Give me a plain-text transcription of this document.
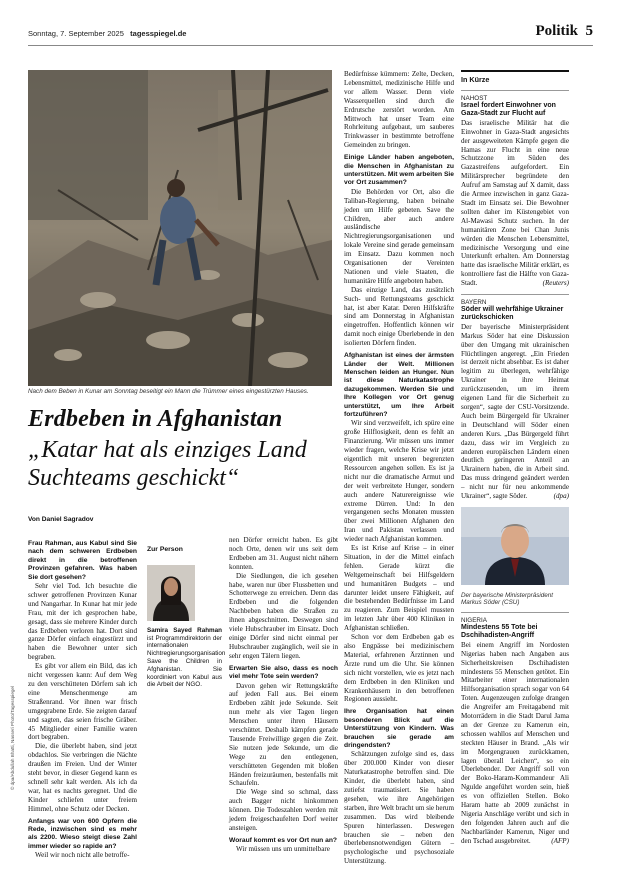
Sonntag, 7. September 2025 tagesspiegel.de	Politik 5
Nach dem Beben in Kunar am Sonntag beseitigt ein Mann die Trümmer eines eingestürzten Hauses.
Erdbeben in Afghanistan
„Katar hat als einziges Land Suchteams geschickt“
Von Daniel Sagradov

Frau Rahman, aus Kabul sind Sie nach dem schweren Erdbeben direkt in die betroffenen Provinzen gefahren. Was haben Sie dort gesehen?

Sehr viel Tod. Ich besuchte die schwer getroffenen Provinzen Kunar und Nangarhar. In Kunar hat mir jede Frau, mit der ich gesprochen habe, gesagt, dass sie mehrere Kinder durch das Erdbeben verloren hat. Dort sind ganze Dörfer einfach eingestürzt und haben die Bewohner unter sich begraben.

Es gibt vor allem ein Bild, das ich nicht vergessen kann: Auf dem Weg zu den verschütteten Dörfern sah ich eine Menschenmenge am Straßenrand. Vor ihnen war frisch umgegrabene Erde. Sie zeigten darauf und sagten, das seien frische Gräber. 45 Mitglieder einer Familie waren dort begraben.

Die, die überlebt haben, sind jetzt obdachlos. Sie verbringen die Nächte draußen im Freien. Und der Winter steht bevor, in dieser Gegend kann es schnell sehr kalt werden. Als ich da war, hat es nachts geregnet. Und die Kinder schliefen unter freiem Himmel, ohne Schutz oder Decken.

Anfangs war von 600 Opfern die Rede, inzwischen sind es mehr als 2200. Wieso steigt diese Zahl immer wieder so rapide an?

Weil wir noch nicht alle betroffe-

Zur Person
Samira Sayed Rahman ist Programmdirektorin der internationalen Nichtregierungsorganisation Save the Children in Afghanistan. Sie koordiniert von Kabul aus die Arbeit der NGO.

nen Dörfer erreicht haben. Es gibt noch Orte, denen wir uns seit dem Erdbeben am 31. August nicht nähern konnten.

Die Siedlungen, die ich gesehen habe, waren nur über Flussbetten und Schotterwege zu erreichen. Denn das Erdbeben und die folgenden Nachbeben haben die Straßen zu ihnen abgeschnitten. Deswegen sind viele Hubschrauber im Einsatz. Doch einige Dörfer sind nicht einmal per Hubschrauber zugänglich, weil sie in sehr engen Tälern liegen.

Erwarten Sie also, dass es noch viel mehr Tote sein werden?

Davon gehen wir Rettungskräfte auf jeden Fall aus. Bei einem Erdbeben zählt jede Sekunde. Seit nun mehr als vier Tagen liegen Menschen unter ihren Häusern verschüttet. Deshalb kämpfen gerade Tausende Freiwillige gegen die Zeit. Sie nutzen jede Sekunde, um die Wege zu den entlegenen, verschütteten Gegenden mit bloßen Händen freizuräumen, bestenfalls mit Schaufeln.

Die Wege sind so schmal, dass auch Bagger nicht hinkommen können. Die Todeszahlen werden mit jedem freigeschaufelten Dorf weiter ansteigen.

Worauf kommt es vor Ort nun an?

Wir müssen uns um unmittelbare

Bedürfnisse kümmern: Zelte, Decken, Lebensmittel, medizinische Hilfe und vor allem Wasser. Denn viele Wasserquellen sind durch die Erdrutsche zerstört worden. Am Mittwoch hat unser Team eine Rohrleitung aufgebaut, um sauberes Trinkwasser in bestimmte betroffene Gemeinden zu bringen.

Einige Länder haben angeboten, die Menschen in Afghanistan zu unterstützen. Mit wem arbeiten Sie vor Ort zusammen?

Die Behörden vor Ort, also die Taliban-Regierung, haben beinahe jeden um Hilfe gebeten. Save the Children, aber auch andere ausländische Nichtregierungsorganisationen und lokale Vereine sind gerade gemeinsam im Einsatz. Dazu kommen noch Organisationen der Vereinten Nationen und viele Staaten, die humanitäre Hilfe angeboten haben.

Das einzige Land, das zusätzlich Such- und Rettungsteams geschickt hat, ist aber Katar. Deren Hilfskräfte sind am Donnerstag in Afghanistan eingetroffen. Hoffentlich können wir damit noch einige Überlebende in den isolierten Dörfern finden.

Afghanistan ist eines der ärmsten Länder der Welt. Millionen Menschen leiden an Hunger. Nun ist diese Naturkatastrophe dazugekommen. Werden Sie und Ihre Kollegen vor Ort genug unterstützt, um Ihre Arbeit fortzuführen?

Wir sind verzweifelt, ich spüre eine große Hilflosigkeit, denn es fehlt an Finanzierung. Wir müssen uns immer wieder fragen, welche Krise wir jetzt eigentlich mit unseren begrenzten Ressourcen angehen sollen. Es ist ja nicht nur die dramatische Armut und der weit verbreitete Hunger, sondern auch andere Naturereignisse wie extreme Dürren. Und: In den vergangenen sechs Monaten mussten über zwei Millionen Afghanen den Iran und Pakistan verlassen und wieder nach Afghanistan kommen.

Es ist Krise auf Krise – in einer Situation, in der die Mittel einfach fehlen. Gerade kürzt die Weltgemeinschaft bei Hilfsgeldern und humanitären Budgets – und darunter leidet unsere Fähigkeit, auf die bestehenden Bedürfnisse im Land zu reagieren. Zum Beispiel mussten im letzten Jahr über 400 Kliniken in Afghanistan schließen.

Schon vor dem Erdbeben gab es also Engpässe bei medizinischem Material, erfahrenen Ärztinnen und Ärzte rund um die Uhr. Sie können sich nicht vorstellen, wie es jetzt nach dem Erdbeben in den Kliniken und Krankenhäusern in den betroffenen Regionen aussieht.

Ihre Organisation hat einen besonderen Blick auf die Unterstützung von Kindern. Was brauchen sie gerade am dringendsten?

Schätzungen zufolge sind es, dass über 200.000 Kinder von dieser Naturkatastrophe betroffen sind. Die Kinder, die überlebt haben, sind zutiefst traumatisiert. Sie haben gesehen, wie ihre Angehörigen starben, ihre Welt bracht um sie herum zusammen. Das wird bleibende Spuren hinterlassen. Deswegen brauchen sie – neben den überlebensnotwendigen Gütern – psychologische und psychosoziale Unterstützung.

In Kürze
NAHOST
Israel fordert Einwohner von Gaza-Stadt zur Flucht auf

Das israelische Militär hat die Einwohner in Gaza-Stadt angesichts der ausgeweiteten Kämpfe gegen die Hamas zur Flucht in eine neue Schutzzone im Süden des Gazastreifens aufgefordert. Ein Militärsprecher begründete den Aufruf am Samstag auf X damit, dass die Armee inzwischen in ganz Gaza-Stadt im Einsatz sei. Die Bewohner sollten daher im Küstengebiet von Al-Mawasi Schutz suchen. In der humanitären Zone bei Chan Junis würden die Menschen Lebensmittel, medizinische Versorgung und eine Unterkunft erhalten. Am Donnerstag hatte das israelische Militär erklärt, es kontrolliere fast die Hälfte von Gaza-Stadt.	(Reuters)

BAYERN
Söder will wehrfähige Ukrainer zurückschicken

Der bayerische Ministerpräsident Markus Söder hat eine Diskussion über den Umgang mit ukrainischen Flüchtlingen angeregt. „Ein Frieden ist derzeit nicht absehbar. Es ist daher legitim zu überlegen, wehrfähige Ukrainer in ihre Heimat zurückzusenden, um im ihrem eigenen Land für die Sicherheit zu sorgen“, sagte der CSU-Vorsitzende. Auch beim Bürgergeld für Ukrainer in Deutschland will Söder einen anderen Kurs. „Das Bürgergeld führt dazu, dass wir im Vergleich zu anderen europäischen Ländern einen deutlich geringeren Anteil an Ukrainern haben, die in Arbeit sind. Das muss dringend geändert werden – nicht nur für neu ankommende Ukrainer“, sagte Söder.	(dpa)

Der bayerische Ministerpräsident Markus Söder (CSU)
NIGERIA
Mindestens 55 Tote bei Dschihadisten-Angriff

Bei einem Angriff im Nordosten Nigerias haben nach Angaben aus Sicherheitskreisen Dschihadisten mindestens 55 Menschen getötet. Ein Mitarbeiter einer internationalen Hilfsorganisation sprach sogar von 64 Toten. Augenzeugen zufolge drangen die Angreifer am Freitagabend mit Motorrädern in die Stadt Darul Jama an der Grenze zu Kamerun ein, schossen wahllos auf Menschen und steckten Häuser in Brand. „Als wir im Morgengrauen zurückkamen, lagen überall Leichen“, so ein Überlebender. Der Angriff soll von der Boko-Haram-Kommandeur Ali Ngulde angeführt worden sein, hieß es von offiziellen Stellen. Boko Haram hatte ab 2009 zunächst in Nigeria Anschläge verübt und sich in den folgenden Jahren auch auf die Nachbarländer Kamerun, Niger und den Tschad ausgebreitet.	(AFP)

© dpa/Abdullah Bhatti, Nasseri Photo/Tagesspiegel
